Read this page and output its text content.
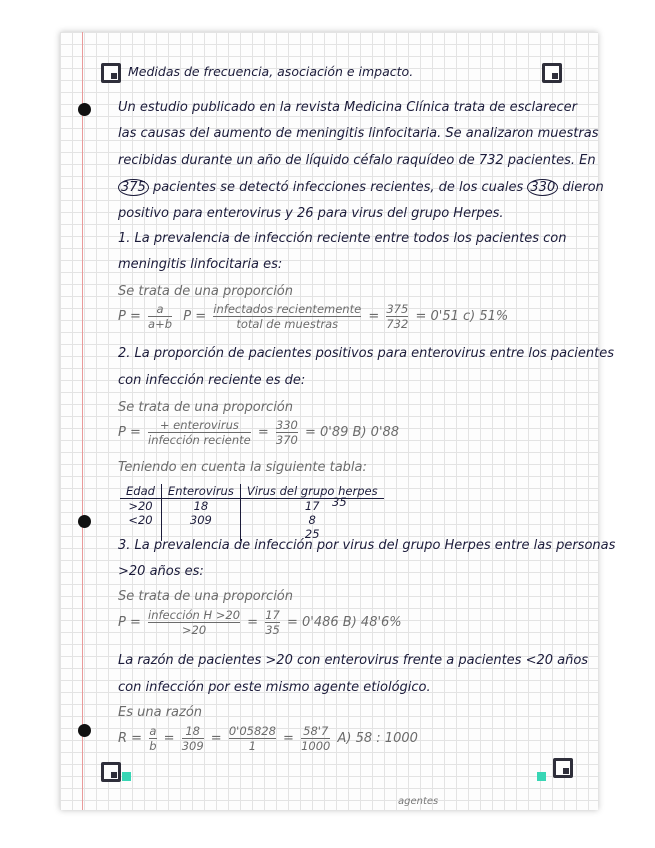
Medidas de frecuencia, asociación e impacto.
Un estudio publicado en la revista Medicina Clínica trata de esclarecer
las causas del aumento de meningitis linfocitaria. Se analizaron muestras
recibidas durante un año de líquido céfalo raquídeo de 732 pacientes. En
375 pacientes se detectó infecciones recientes, de los cuales 330 dieron
positivo para enterovirus y 26 para virus del grupo Herpes.
1. La prevalencia de infección reciente entre todos los pacientes con
meningitis linfocitaria es:
Se trata de una proporción
$P = \frac{a}{a+b}$ $P = \frac{\text{infectados recientemente}}{\text{total de muestras}} = \frac{375}{732} = 0'51$ c) 51%
2. La proporción de pacientes positivos para enterovirus entre los pacientes
con infección reciente es de:
Se trata de una proporción
$P = \frac{\text{+ enterovirus}}{\text{infección reciente}} = \frac{330}{370} = 0'89$ B) 0'88
Teniendo en cuenta la siguiente tabla:
Edad	Enterovirus	Virus del grupo herpes
>20	18	17
<20	309	8
		25
35
3. La prevalencia de infección por virus del grupo Herpes entre las personas
>20 años es:
Se trata de una proporción
$P = \frac{\text{infección H >20}}{>20} = \frac{17}{35} = 0'486$ B) 48'6%
La razón de pacientes >20 con enterovirus frente a pacientes <20 años
con infección por este mismo agente etiológico.
Es una razón
$R = \frac{a}{b} = \frac{18}{309} = \frac{0'05828}{1} = \frac{58'7}{1000} A$) 58 : 1000
agentes
